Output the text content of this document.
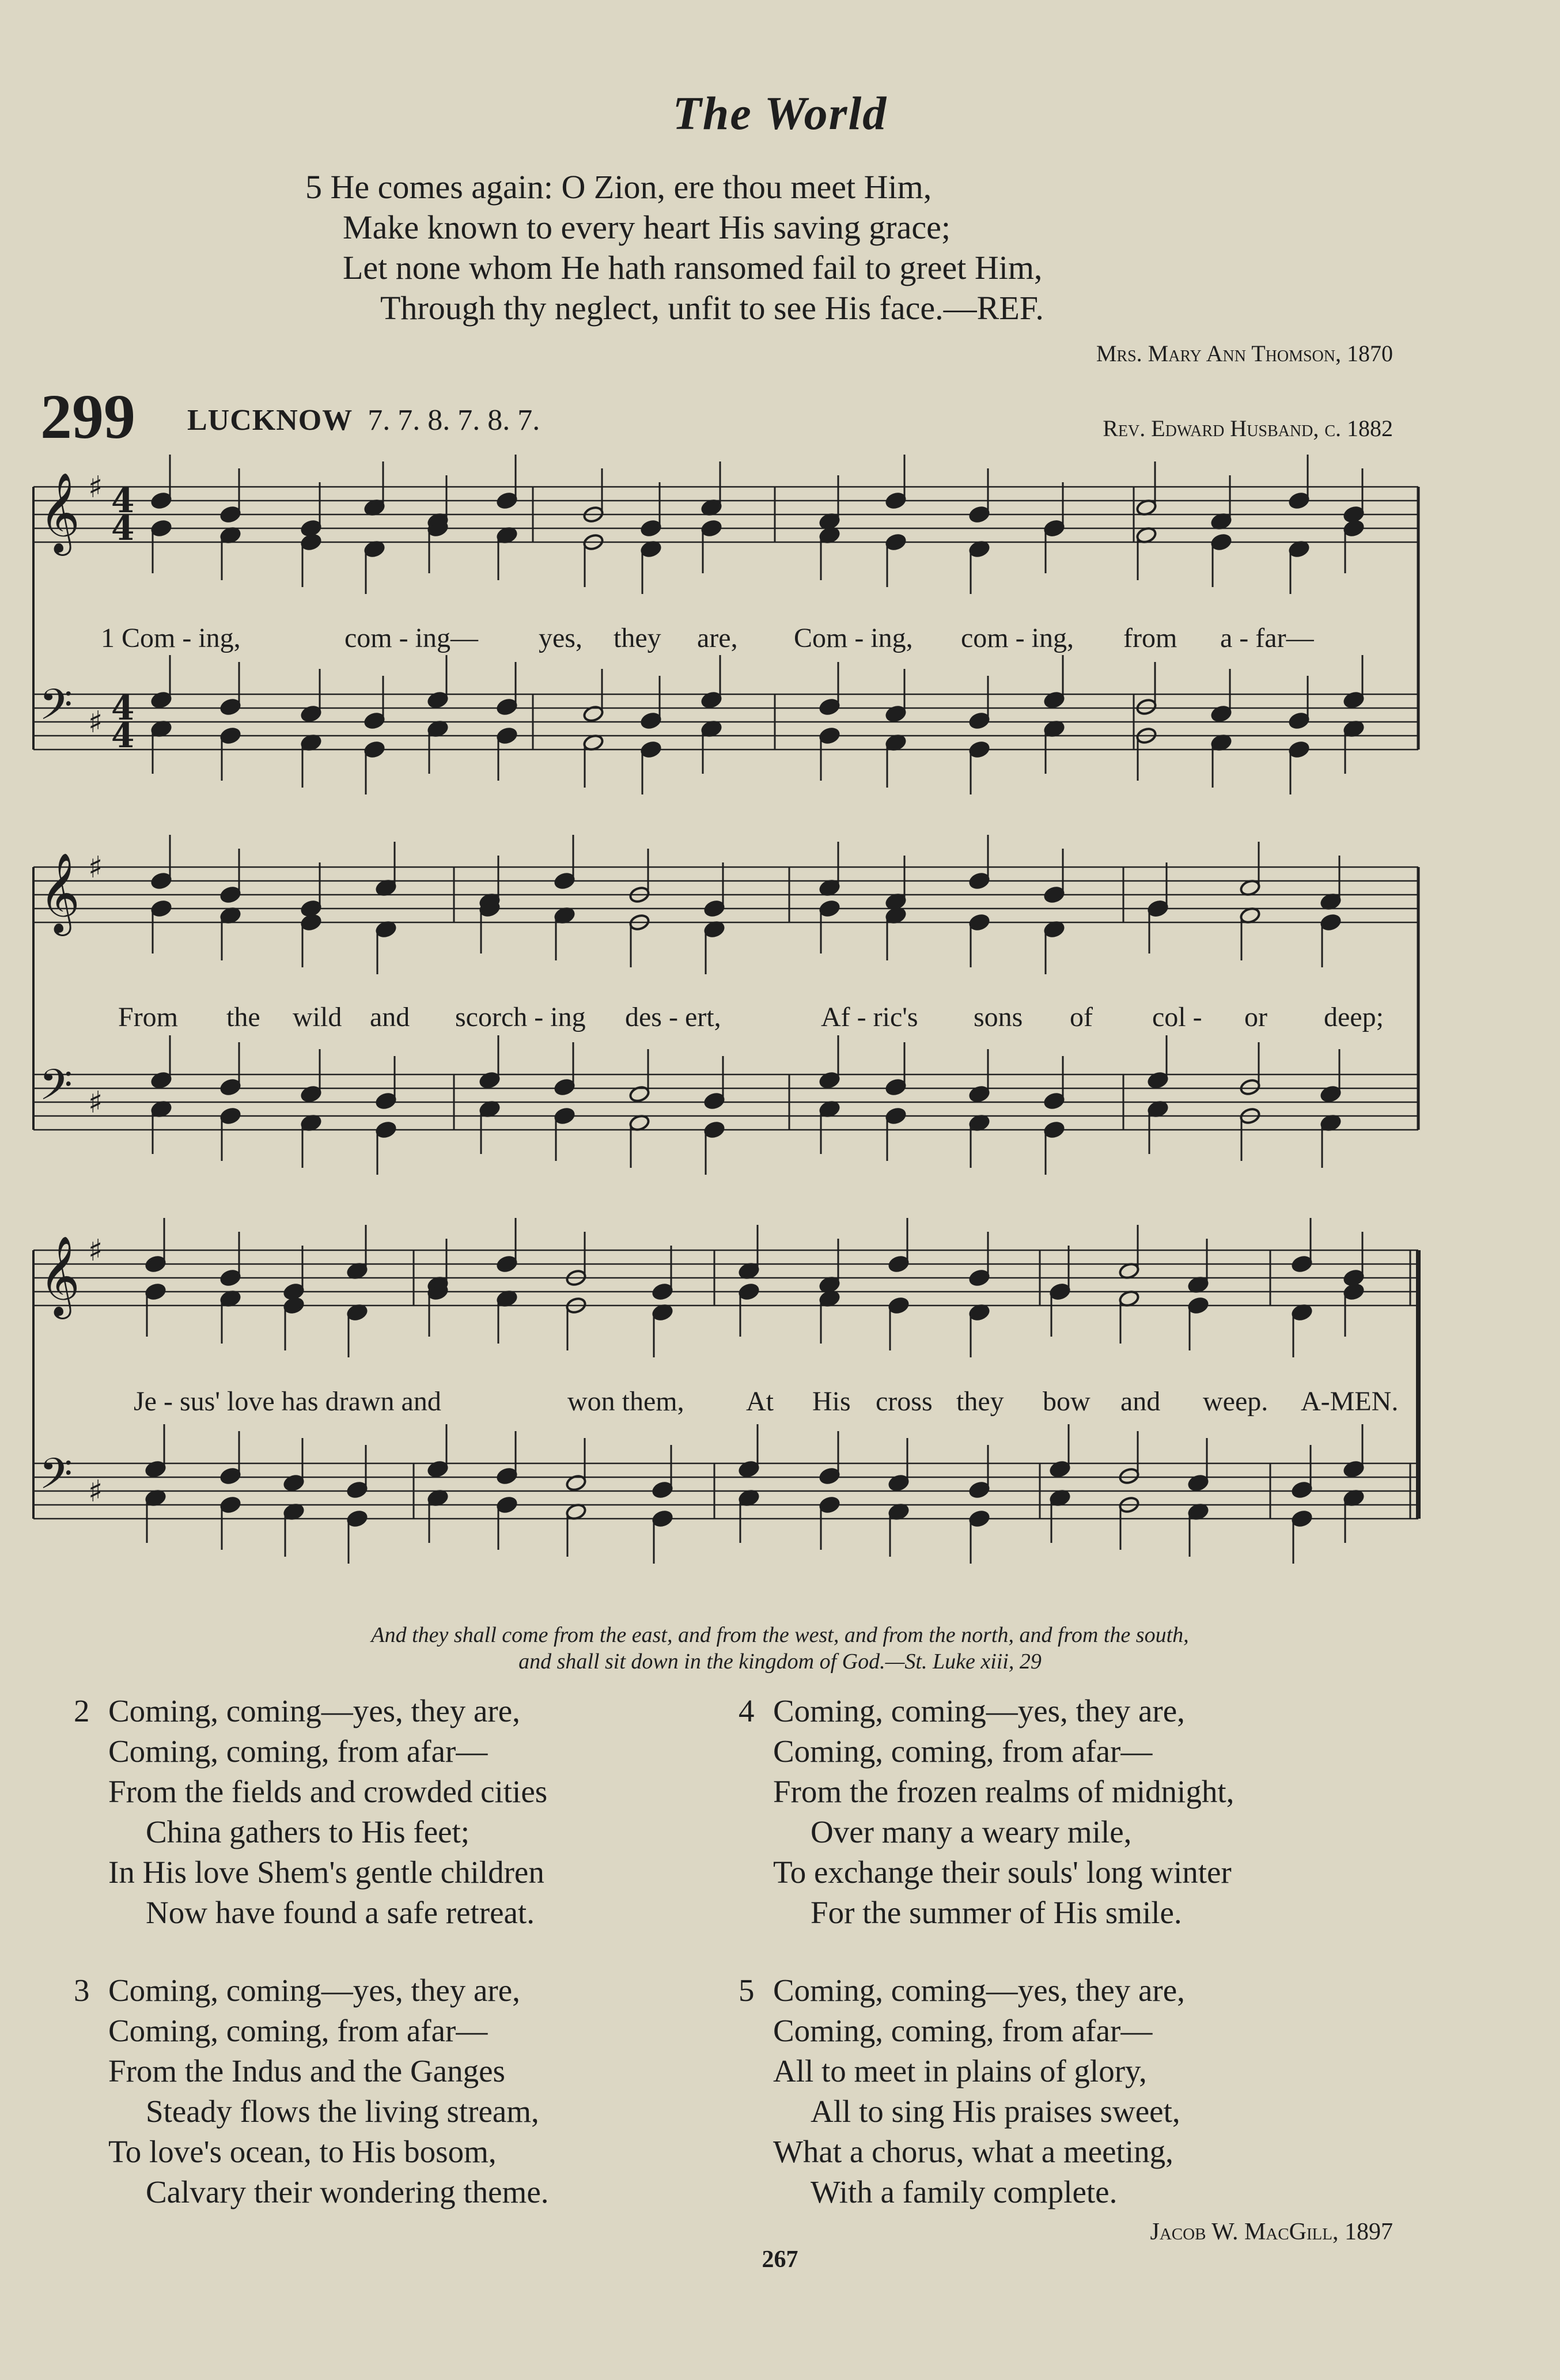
The World
5 He comes again: O Zion, ere thou meet Him,
Make known to every heart His saving grace;
Let none whom He hath ransomed fail to greet Him,
Through thy neglect, unfit to see His face.—REF.
Mrs. Mary Ann Thomson, 1870
299 LUCKNOW 7. 7. 8. 7. 8. 7.	Rev. Edward Husband, c. 1882
𝄞
𝄢
♯
♯
4
4
4
4
𝄞
𝄢
♯
♯
𝄞
𝄢
♯
♯
1 Com - ing,	com - ing— yes, they are, Com - ing, com - ing, from a - far—
From the wild and scorch - ing des - ert,	Af - ric's sons of col - or deep;
Je - sus' love has drawn and	won them, At His cross they bow and weep. A-MEN.
And they shall come from the east, and from the west, and from the north, and from the south,
and shall sit down in the kingdom of God.—St. Luke xiii, 29
2 Coming, coming—yes, they are,
Coming, coming, from afar—
From the fields and crowded cities
China gathers to His feet;
In His love Shem's gentle children
Now have found a safe retreat.
3 Coming, coming—yes, they are,
Coming, coming, from afar—
From the Indus and the Ganges
Steady flows the living stream,
To love's ocean, to His bosom,
Calvary their wondering theme.
4 Coming, coming—yes, they are,
Coming, coming, from afar—
From the frozen realms of midnight,
Over many a weary mile,
To exchange their souls' long winter
For the summer of His smile.
5 Coming, coming—yes, they are,
Coming, coming, from afar—
All to meet in plains of glory,
All to sing His praises sweet,
What a chorus, what a meeting,
With a family complete.
Jacob W. MacGill, 1897
267
